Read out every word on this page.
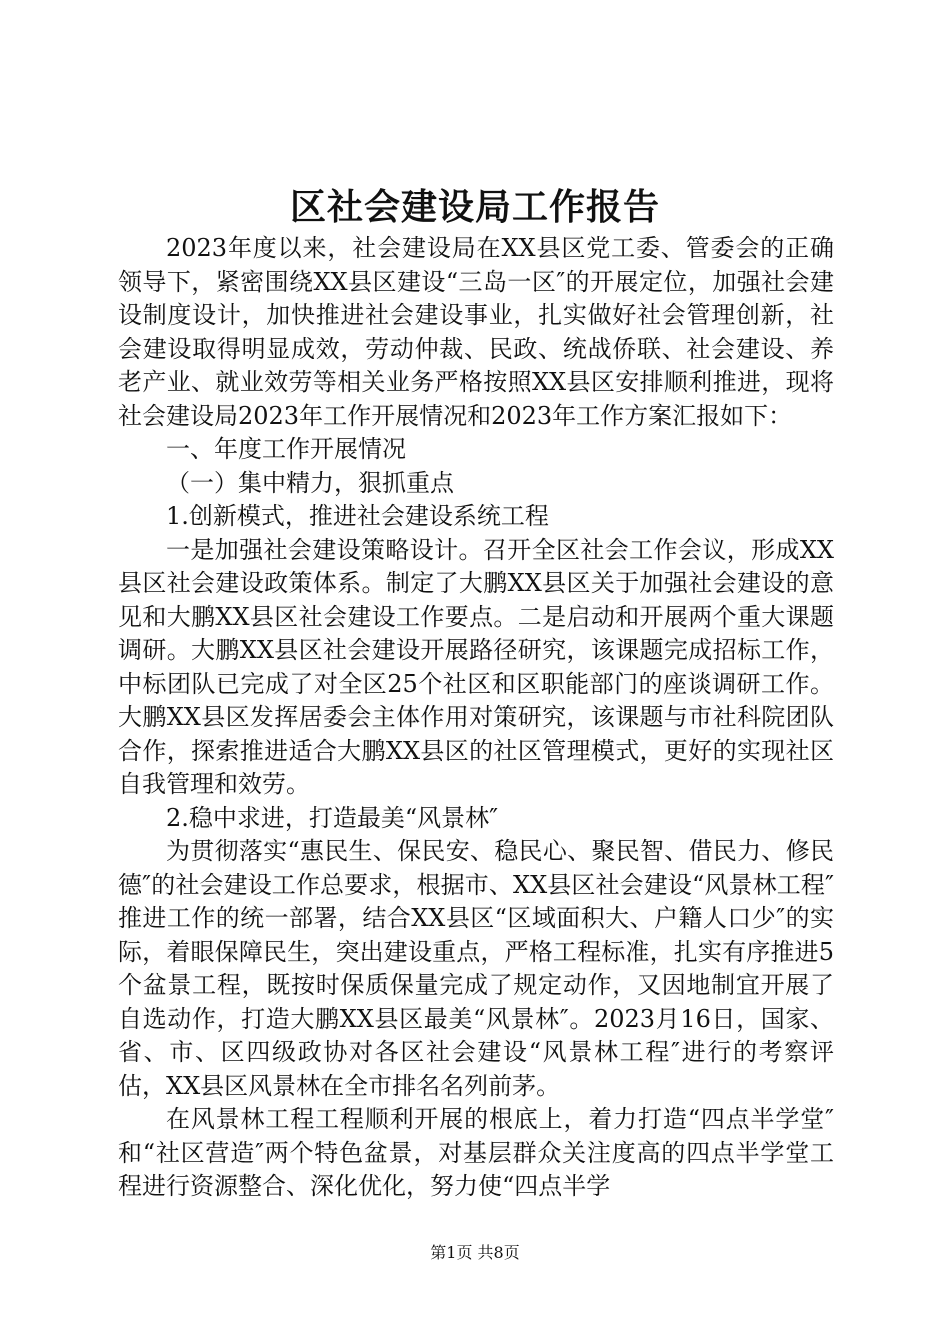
区社会建设局工作报告

2023年度以来，社会建设局在XX县区党工委、管委会的正确领导下，紧密围绕XX县区建设“三岛一区″的开展定位，加强社会建设制度设计，加快推进社会建设事业，扎实做好社会管理创新，社会建设取得明显成效，劳动仲裁、民政、统战侨联、社会建设、养老产业、就业效劳等相关业务严格按照XX县区安排顺利推进，现将社会建设局2023年工作开展情况和2023年工作方案汇报如下：

一、年度工作开展情况

（一）集中精力，狠抓重点

1.创新模式，推进社会建设系统工程

一是加强社会建设策略设计。召开全区社会工作会议，形成XX县区社会建设政策体系。制定了大鹏XX县区关于加强社会建设的意见和大鹏XX县区社会建设工作要点。二是启动和开展两个重大课题调研。大鹏XX县区社会建设开展路径研究，该课题完成招标工作，中标团队已完成了对全区25个社区和区职能部门的座谈调研工作。大鹏XX县区发挥居委会主体作用对策研究，该课题与市社科院团队合作，探索推进适合大鹏XX县区的社区管理模式，更好的实现社区自我管理和效劳。

2.稳中求进，打造最美“风景林″

为贯彻落实“惠民生、保民安、稳民心、聚民智、借民力、修民德″的社会建设工作总要求，根据市、XX县区社会建设“风景林工程″推进工作的统一部署，结合XX县区“区域面积大、户籍人口少″的实际，着眼保障民生，突出建设重点，严格工程标准，扎实有序推进5个盆景工程，既按时保质保量完成了规定动作，又因地制宜开展了自选动作，打造大鹏XX县区最美“风景林″。2023月16日，国家、省、市、区四级政协对各区社会建设“风景林工程″进行的考察评估，XX县区风景林在全市排名名列前茅。

在风景林工程工程顺利开展的根底上，着力打造“四点半学堂″和“社区营造″两个特色盆景，对基层群众关注度高的四点半学堂工程进行资源整合、深化优化，努力使“四点半学

第1页 共8页
